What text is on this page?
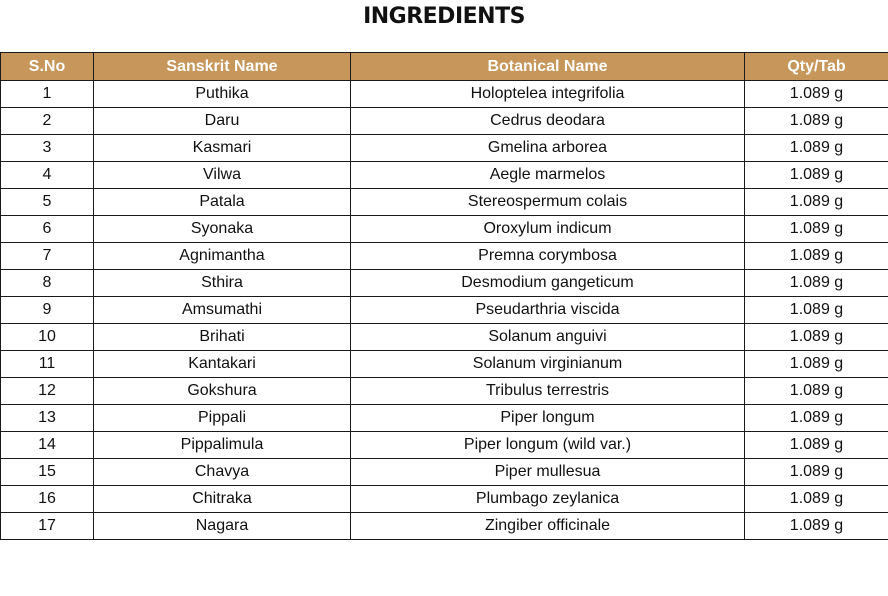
INGREDIENTS
S.No	Sanskrit Name	Botanical Name	Qty/Tab
1	Puthika	Holoptelea integrifolia	1.089 g
2	Daru	Cedrus deodara	1.089 g
3	Kasmari	Gmelina arborea	1.089 g
4	Vilwa	Aegle marmelos	1.089 g
5	Patala	Stereospermum colais	1.089 g
6	Syonaka	Oroxylum indicum	1.089 g
7	Agnimantha	Premna corymbosa	1.089 g
8	Sthira	Desmodium gangeticum	1.089 g
9	Amsumathi	Pseudarthria viscida	1.089 g
10	Brihati	Solanum anguivi	1.089 g
11	Kantakari	Solanum virginianum	1.089 g
12	Gokshura	Tribulus terrestris	1.089 g
13	Pippali	Piper longum	1.089 g
14	Pippalimula	Piper longum (wild var.)	1.089 g
15	Chavya	Piper mullesua	1.089 g
16	Chitraka	Plumbago zeylanica	1.089 g
17	Nagara	Zingiber officinale	1.089 g
